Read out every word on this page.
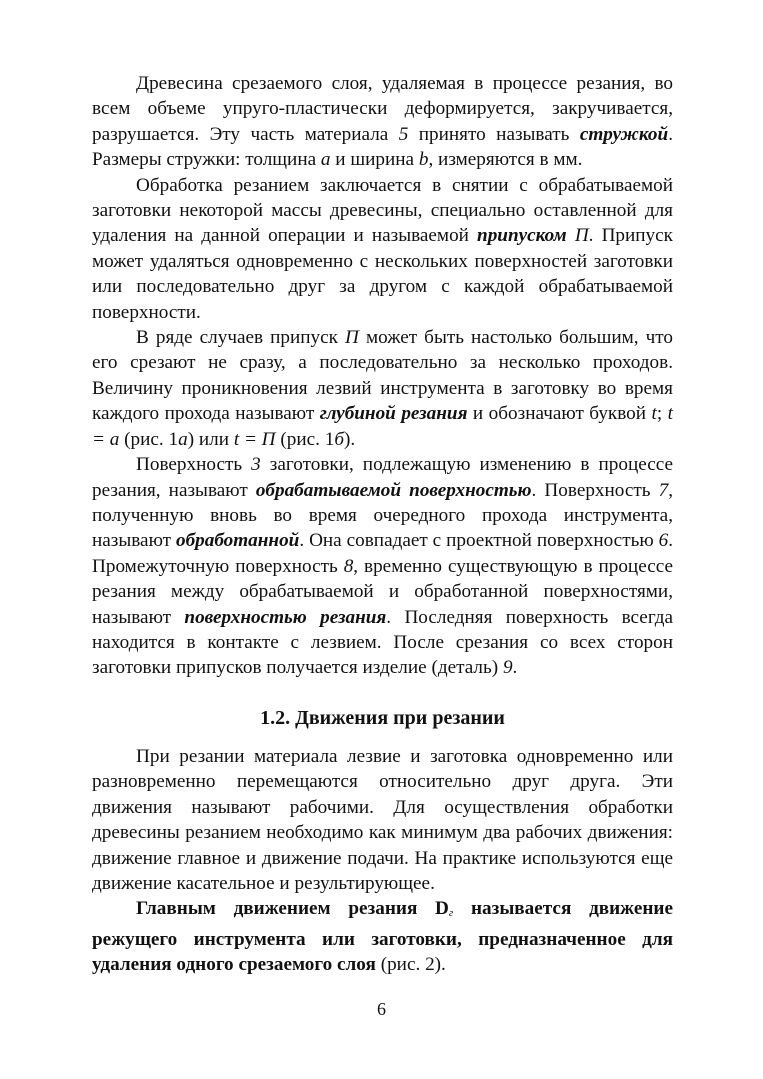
Древесина срезаемого слоя, удаляемая в процессе резания, во всем объеме упруго-пластически деформируется, закручивается, разрушается. Эту часть материала 5 принято называть стружкой. Размеры стружки: толщина a и ширина b, измеряются в мм.

Обработка резанием заключается в снятии с обрабатываемой заготовки некоторой массы древесины, специально оставленной для удаления на данной операции и называемой припуском П. Припуск может удаляться одновременно с нескольких поверхностей заготовки или последовательно друг за другом с каждой обрабатываемой поверхности.

В ряде случаев припуск П может быть настолько большим, что его срезают не сразу, а последовательно за несколько проходов. Величину проникновения лезвий инструмента в заготовку во время каждого прохода называют глубиной резания и обозначают буквой t; t = a (рис. 1а) или t = П (рис. 1б).

Поверхность 3 заготовки, подлежащую изменению в процессе резания, называют обрабатываемой поверхностью. Поверхность 7, полученную вновь во время очередного прохода инструмента, называют обработанной. Она совпадает с проектной поверхностью 6. Промежуточную поверхность 8, временно существующую в процессе резания между обрабатываемой и обработанной поверхностями, называют поверхностью резания. Последняя поверхность всегда находится в контакте с лезвием. После срезания со всех сторон заготовки припусков получается изделие (деталь) 9.

1.2. Движения при резании

При резании материала лезвие и заготовка одновременно или разновременно перемещаются относительно друг друга. Эти движения называют рабочими. Для осуществления обработки древесины резанием необходимо как минимум два рабочих движения: движение главное и движение подачи. На практике используются еще движение касательное и результирующее.

Главным движением резания Dг называется движение режущего инструмента или заготовки, предназначенное для удаления одного срезаемого слоя (рис. 2).

6
